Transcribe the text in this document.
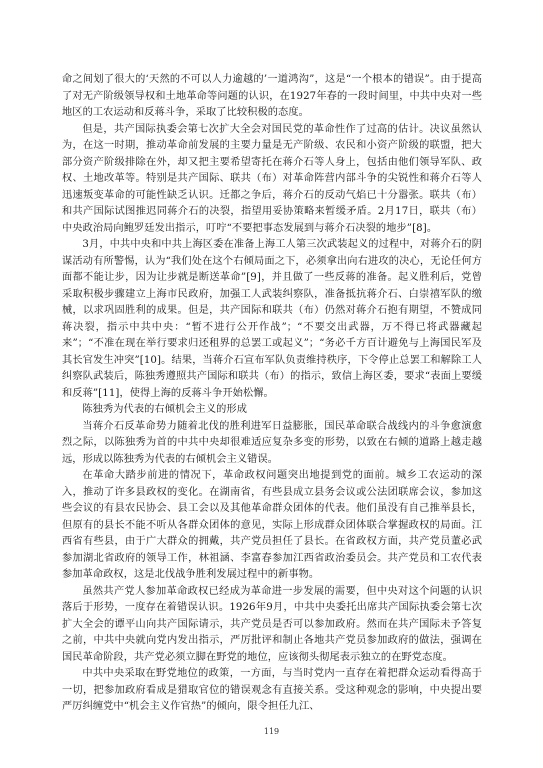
命之间划了很大的‘天然的不可以人力逾越的’一道鸿沟”，这是“一个根本的错误”。由于提高了对无产阶级领导权和土地革命等问题的认识，在1927年春的一段时间里，中共中央对一些地区的工农运动和反蒋斗争，采取了比较积极的态度。

但是，共产国际执委会第七次扩大全会对国民党的革命性作了过高的估计。决议虽然认为，在这一时期，推动革命前发展的主要力量是无产阶级、农民和小资产阶级的联盟，把大部分资产阶级排除在外，却又把主要希望寄托在蒋介石等人身上，包括由他们领导军队、政权、土地改革等。特别是共产国际、联共（布）对革命阵营内部斗争的尖锐性和蒋介石等人迅速叛变革命的可能性缺乏认识。迁都之争后，蒋介石的反动气焰已十分嚣张。联共（布）和共产国际试图推迟同蒋介石的决裂，指望用妥协策略来暂缓矛盾。2月17日，联共（布）中央政治局向鲍罗廷发出指示，叮咛“不要把事态发展到与蒋介石决裂的地步”[8]。

3月，中共中央和中共上海区委在准备上海工人第三次武装起义的过程中，对蒋介石的阴谋活动有所警惕，认为“我们处在这个右倾局面之下，必须拿出向右进攻的决心，无论任何方面都不能让步，因为让步就是断送革命”[9]，并且做了一些反蒋的准备。起义胜利后，党曾采取积极步骤建立上海市民政府，加强工人武装纠察队，准备抵抗蒋介石、白崇禧军队的缴械，以求巩固胜利的成果。但是，共产国际和联共（布）仍然对蒋介石抱有期望，不赞成同蒋决裂，指示中共中央：“暂不进行公开作战”；“不要交出武器，万不得已将武器藏起来”；“不准在现在举行要求归还租界的总罢工或起义”；“务必千方百计避免与上海国民军及其长官发生冲突”[10]。结果，当蒋介石宣布军队负责维持秩序，下令停止总罢工和解除工人纠察队武装后，陈独秀遵照共产国际和联共（布）的指示，致信上海区委，要求“表面上要缓和反蒋”[11]，使得上海的反蒋斗争开始松懈。

陈独秀为代表的右倾机会主义的形成

当蒋介石反革命势力随着北伐的胜利进军日益膨胀，国民革命联合战线内的斗争愈演愈烈之际，以陈独秀为首的中共中央却很难适应复杂多变的形势，以致在右倾的道路上越走越远，形成以陈独秀为代表的右倾机会主义错误。

在革命大踏步前进的情况下，革命政权问题突出地提到党的面前。城乡工农运动的深入，推动了许多县政权的变化。在湖南省，有些县成立县务会议或公法团联席会议，参加这些会议的有县农民协会、县工会以及其他革命群众团体的代表。他们虽没有自己推举县长，但原有的县长不能不听从各群众团体的意见，实际上形成群众团体联合掌握政权的局面。江西省有些县，由于广大群众的拥戴，共产党员担任了县长。在省政权方面，共产党员董必武参加湖北省政府的领导工作，林祖涵、李富春参加江西省政治委员会。共产党员和工农代表参加革命政权，这是北伐战争胜利发展过程中的新事物。

虽然共产党人参加革命政权已经成为革命进一步发展的需要，但中央对这个问题的认识落后于形势，一度存在着错误认识。1926年9月，中共中央委托出席共产国际执委会第七次扩大全会的谭平山向共产国际请示，共产党员是否可以参加政府。然而在共产国际未予答复之前，中共中央就向党内发出指示，严厉批评和制止各地共产党员参加政府的做法，强调在国民革命阶段，共产党必须立脚在野党的地位，应该彻头彻尾表示独立的在野党态度。

中共中央采取在野党地位的政策，一方面，与当时党内一直存在着把群众运动看得高于一切，把参加政府看成是猎取官位的错误观念有直接关系。受这种观念的影响，中央提出要严厉纠缠党中“机会主义作官热”的倾向，限令担任九江、

119
